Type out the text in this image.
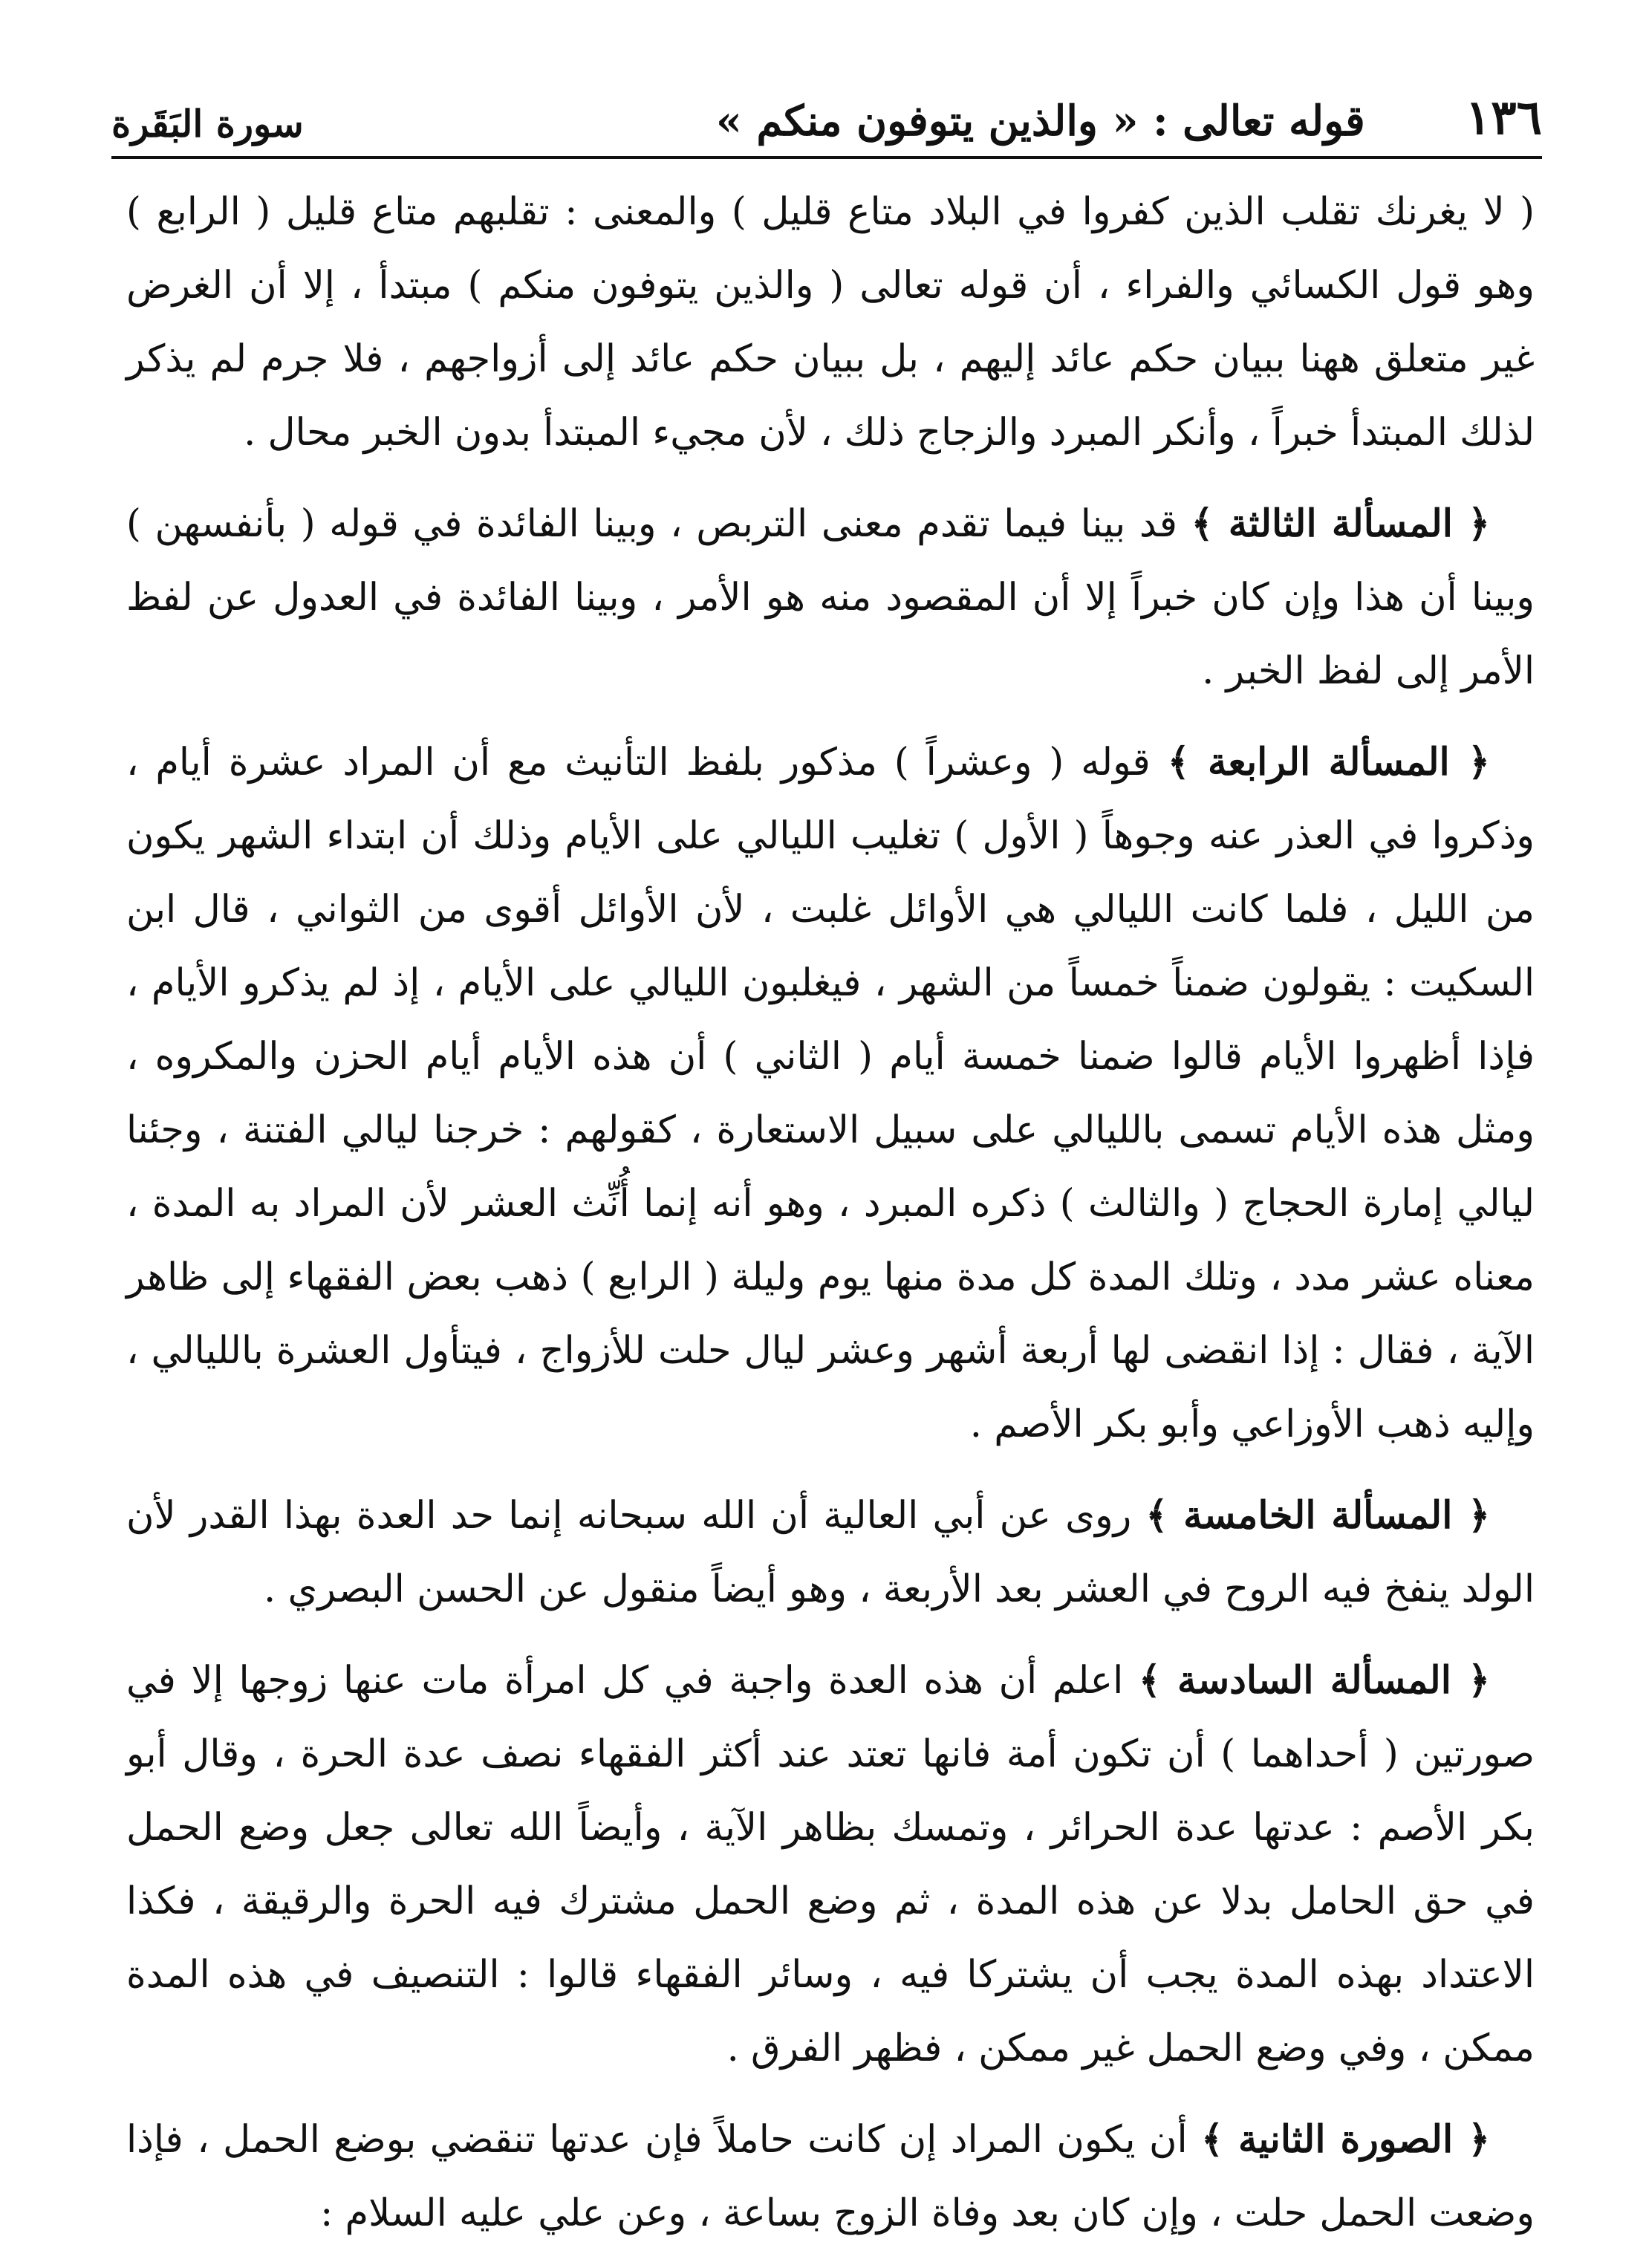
١٣٦
قوله تعالى : « والذين يتوفون منكم »
سورة البَقَرة

( لا يغرنك تقلب الذين كفروا في البلاد متاع قليل ) والمعنى : تقلبهم متاع قليل ( الرابع ) وهو قول الكسائي والفراء ، أن قوله تعالى ( والذين يتوفون منكم ) مبتدأ ، إلا أن الغرض غير متعلق ههنا ببيان حكم عائد إليهم ، بل ببيان حكم عائد إلى أزواجهم ، فلا جرم لم يذكر لذلك المبتدأ خبراً ، وأنكر المبرد والزجاج ذلك ، لأن مجيء المبتدأ بدون الخبر محال .

﴿ المسألة الثالثة ﴾ قد بينا فيما تقدم معنى التربص ، وبينا الفائدة في قوله ( بأنفسهن ) وبينا أن هذا وإن كان خبراً إلا أن المقصود منه هو الأمر ، وبينا الفائدة في العدول عن لفظ الأمر إلى لفظ الخبر .

﴿ المسألة الرابعة ﴾ قوله ( وعشراً ) مذكور بلفظ التأنيث مع أن المراد عشرة أيام ، وذكروا في العذر عنه وجوهاً ( الأول ) تغليب الليالي على الأيام وذلك أن ابتداء الشهر يكون من الليل ، فلما كانت الليالي هي الأوائل غلبت ، لأن الأوائل أقوى من الثواني ، قال ابن السكيت : يقولون ضمناً خمساً من الشهر ، فيغلبون الليالي على الأيام ، إذ لم يذكرو الأيام ، فإذا أظهروا الأيام قالوا ضمنا خمسة أيام ( الثاني ) أن هذه الأيام أيام الحزن والمكروه ، ومثل هذه الأيام تسمى بالليالي على سبيل الاستعارة ، كقولهم : خرجنا ليالي الفتنة ، وجئنا ليالي إمارة الحجاج ( والثالث ) ذكره المبرد ، وهو أنه إنما أُنِّث العشر لأن المراد به المدة ، معناه عشر مدد ، وتلك المدة كل مدة منها يوم وليلة ( الرابع ) ذهب بعض الفقهاء إلى ظاهر الآية ، فقال : إذا انقضى لها أربعة أشهر وعشر ليال حلت للأزواج ، فيتأول العشرة بالليالي ، وإليه ذهب الأوزاعي وأبو بكر الأصم .

﴿ المسألة الخامسة ﴾ روى عن أبي العالية أن الله سبحانه إنما حد العدة بهذا القدر لأن الولد ينفخ فيه الروح في العشر بعد الأربعة ، وهو أيضاً منقول عن الحسن البصري .

﴿ المسألة السادسة ﴾ اعلم أن هذه العدة واجبة في كل امرأة مات عنها زوجها إلا في صورتين ( أحداهما ) أن تكون أمة فانها تعتد عند أكثر الفقهاء نصف عدة الحرة ، وقال أبو بكر الأصم : عدتها عدة الحرائر ، وتمسك بظاهر الآية ، وأيضاً الله تعالى جعل وضع الحمل في حق الحامل بدلا عن هذه المدة ، ثم وضع الحمل مشترك فيه الحرة والرقيقة ، فكذا الاعتداد بهذه المدة يجب أن يشتركا فيه ، وسائر الفقهاء قالوا : التنصيف في هذه المدة ممكن ، وفي وضع الحمل غير ممكن ، فظهر الفرق .

﴿ الصورة الثانية ﴾ أن يكون المراد إن كانت حاملاً فإن عدتها تنقضي بوضع الحمل ، فإذا وضعت الحمل حلت ، وإن كان بعد وفاة الزوج بساعة ، وعن علي عليه السلام :
